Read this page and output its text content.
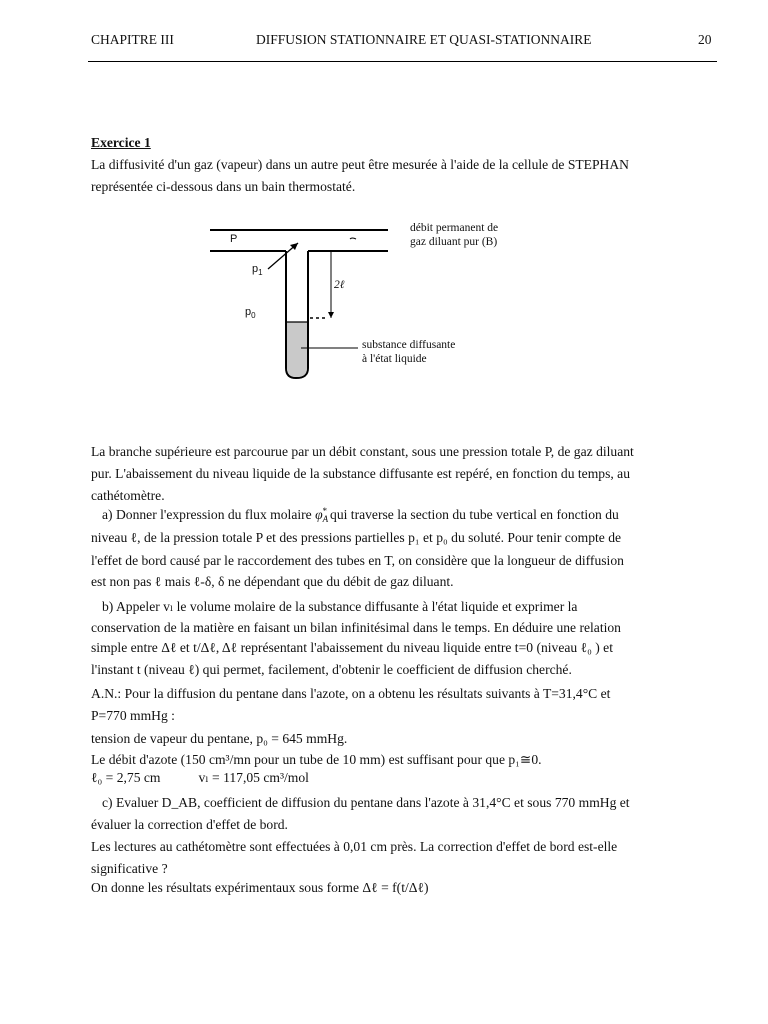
CHAPITRE III	DIFFUSION STATIONNAIRE ET QUASI-STATIONNAIRE	20
Exercice 1
La diffusivité d'un gaz (vapeur) dans un autre peut être mesurée à l'aide de la cellule de STEPHAN
représentée ci-dessous dans un bain thermostaté.
P
$p_1$
$p_0$
2ℓ
débit permanent de
gaz diluant pur (B)
substance diffusante
à l'état liquide
La branche supérieure est parcourue par un débit constant, sous une pression totale P, de gaz diluant
pur. L'abaissement du niveau liquide de la substance diffusante est repéré, en fonction du temps, au
cathétomètre.
a) Donner l'expression du flux molaire $\varphi_A^*$ qui traverse la section du tube vertical en fonction du
niveau ℓ, de la pression totale P et des pressions partielles p₁ et p₀ du soluté. Pour tenir compte de
l'effet de bord causé par le raccordement des tubes en T, on considère que la longueur de diffusion
est non pas ℓ mais ℓ-δ, δ ne dépendant que du débit de gaz diluant.
b) Appeler vₗ le volume molaire de la substance diffusante à l'état liquide et exprimer la
conservation de la matière en faisant un bilan infinitésimal dans le temps. En déduire une relation
simple entre Δℓ et t/Δℓ, Δℓ représentant l'abaissement du niveau liquide entre t=0 (niveau ℓ₀ ) et
l'instant t (niveau ℓ) qui permet, facilement, d'obtenir le coefficient de diffusion cherché.
A.N.: Pour la diffusion du pentane dans l'azote, on a obtenu les résultats suivants à T=31,4°C et
P=770 mmHg :
tension de vapeur du pentane, p₀ = 645 mmHg.
Le débit d'azote (150 cm³/mn pour un tube de 10 mm) est suffisant pour que p₁≅0.
ℓ₀ = 2,75 cm	vₗ = 117,05 cm³/mol
c) Evaluer D_AB, coefficient de diffusion du pentane dans l'azote à 31,4°C et sous 770 mmHg et
évaluer la correction d'effet de bord.
Les lectures au cathétomètre sont effectuées à 0,01 cm près. La correction d'effet de bord est-elle
significative ?
On donne les résultats expérimentaux sous forme Δℓ = f(t/Δℓ)
